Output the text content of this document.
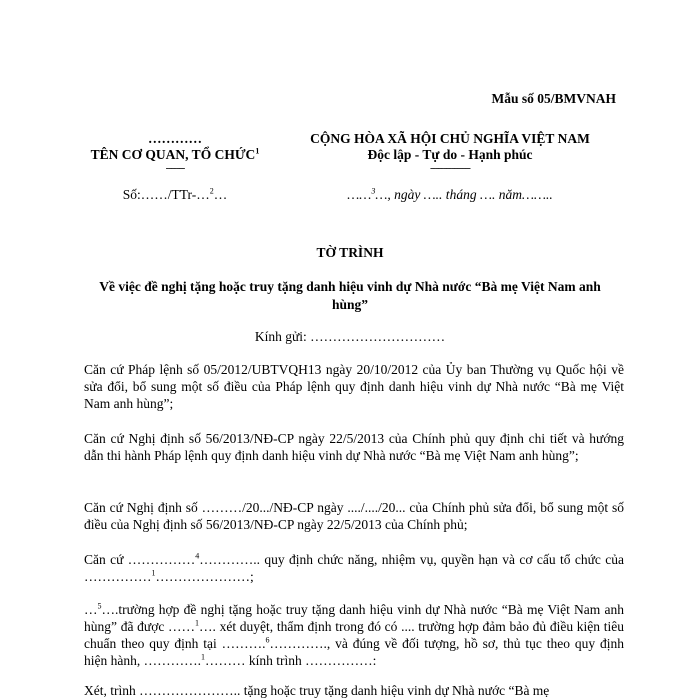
Mẫu số 05/BMVNAH
…………
TÊN CƠ QUAN, TỔ CHỨC$^1$
-------
CỘNG HÒA XÃ HỘI CHỦ NGHĨA VIỆT NAM
Độc lập - Tự do - Hạnh phúc
---------------
Số:……/TTr-…$^2$…	……$^3$…, ngày ….. tháng …. năm……..
TỜ TRÌNH
Về việc đề nghị tặng hoặc truy tặng danh hiệu vinh dự Nhà nước “Bà mẹ Việt Nam anh hùng”
Kính gửi: …………………………
Căn cứ Pháp lệnh số 05/2012/UBTVQH13 ngày 20/10/2012 của Ủy ban Thường vụ Quốc hội về sửa đổi, bổ sung một số điều của Pháp lệnh quy định danh hiệu vinh dự Nhà nước “Bà mẹ Việt Nam anh hùng”;
Căn cứ Nghị định số 56/2013/NĐ-CP ngày 22/5/2013 của Chính phủ quy định chi tiết và hướng dẫn thi hành Pháp lệnh quy định danh hiệu vinh dự Nhà nước “Bà mẹ Việt Nam anh hùng”;
Căn cứ Nghị định số ………/20.../NĐ-CP ngày ..../..../20... của Chính phủ sửa đổi, bổ sung một số điều của Nghị định số 56/2013/NĐ-CP ngày 22/5/2013 của Chính phủ;
Căn cứ ……………$^4$………….. quy định chức năng, nhiệm vụ, quyền hạn và cơ cấu tổ chức của ……………$^1$…………………;
…$^5$….trường hợp đề nghị tặng hoặc truy tặng danh hiệu vinh dự Nhà nước “Bà mẹ Việt Nam anh hùng” đã được ……$^1$…. xét duyệt, thẩm định trong đó có .... trường hợp đảm bảo đủ điều kiện tiêu chuẩn theo quy định tại ……….$^6$…………., và đúng về đối tượng, hồ sơ, thủ tục theo quy định hiện hành, ………….$^1$……… kính trình ……………:
Xét, trình ………………….. tặng hoặc truy tặng danh hiệu vinh dự Nhà nước “Bà mẹ
